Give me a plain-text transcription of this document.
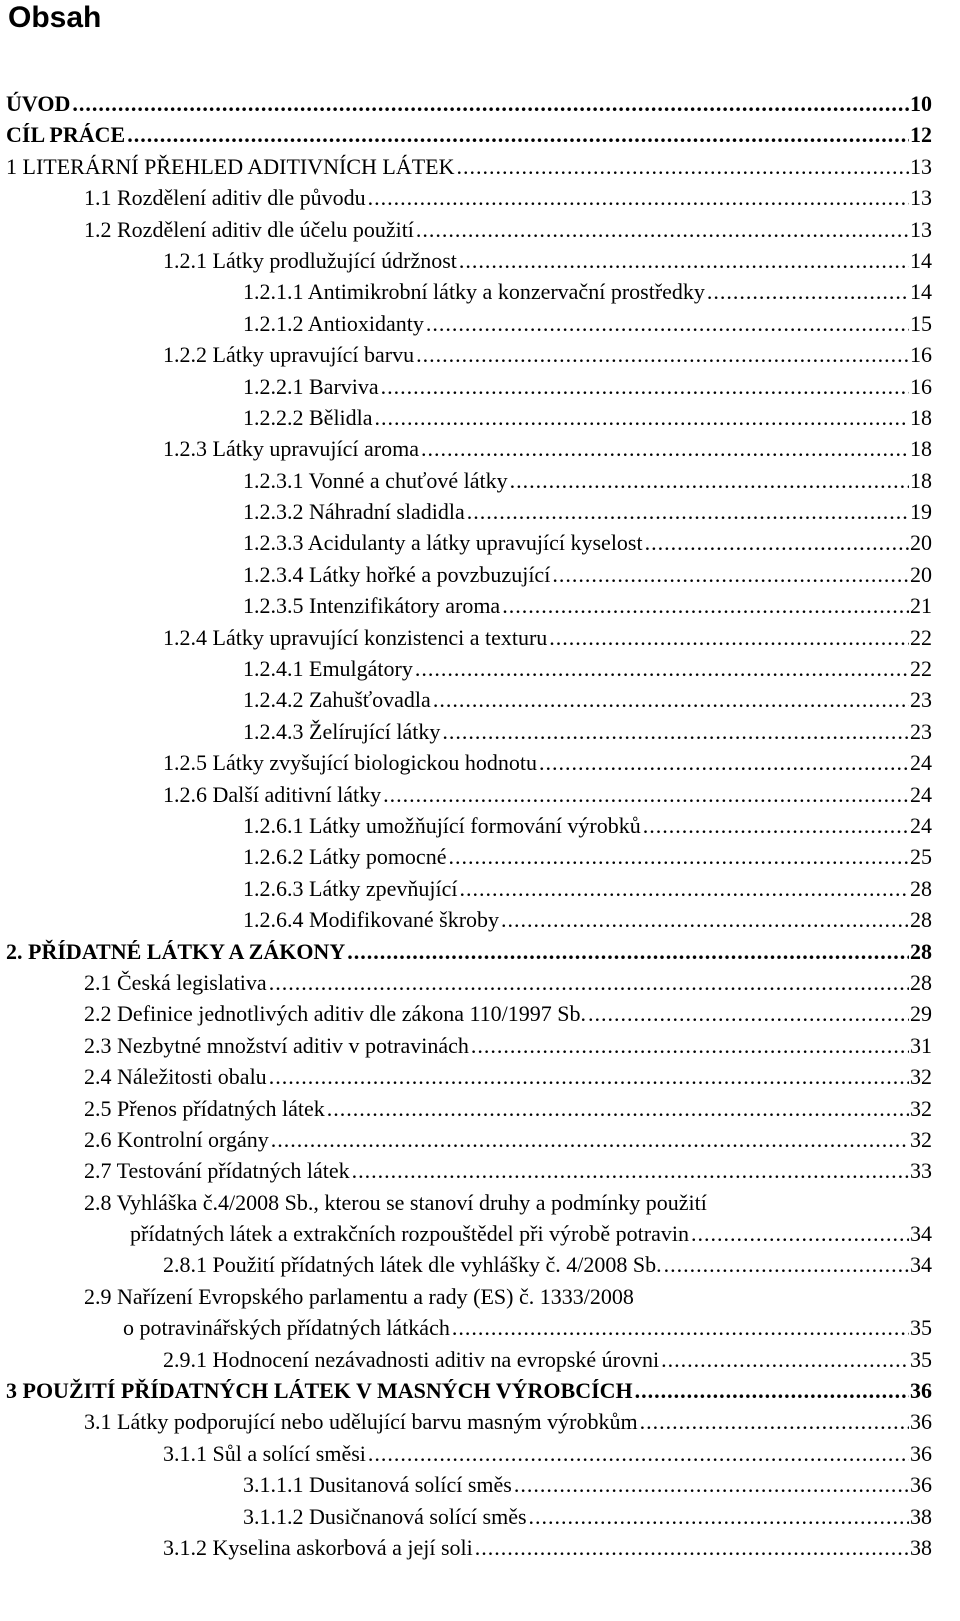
Obsah
ÚVOD .....	10
CÍL PRÁCE .....	12
1 LITERÁRNÍ PŘEHLED ADITIVNÍCH LÁTEK .....	13
1.1 Rozdělení aditiv dle původu .....	13
1.2 Rozdělení aditiv dle účelu použití .....	13
1.2.1 Látky prodlužující údržnost .....	14
1.2.1.1 Antimikrobní látky a konzervační prostředky .....	14
1.2.1.2 Antioxidanty .....	15
1.2.2 Látky upravující barvu .....	16
1.2.2.1 Barviva .....	16
1.2.2.2 Bělidla .....	18
1.2.3 Látky upravující aroma .....	18
1.2.3.1 Vonné a chuťové látky .....	18
1.2.3.2 Náhradní sladidla .....	19
1.2.3.3 Acidulanty a látky upravující kyselost .....	20
1.2.3.4 Látky hořké a povzbuzující .....	20
1.2.3.5 Intenzifikátory aroma .....	21
1.2.4 Látky upravující konzistenci a texturu .....	22
1.2.4.1 Emulgátory .....	22
1.2.4.2 Zahušťovadla .....	23
1.2.4.3 Želírující látky .....	23
1.2.5 Látky zvyšující biologickou hodnotu .....	24
1.2.6 Další aditivní látky .....	24
1.2.6.1 Látky umožňující formování výrobků .....	24
1.2.6.2 Látky pomocné .....	25
1.2.6.3 Látky zpevňující .....	28
1.2.6.4 Modifikované škroby .....	28
2. PŘÍDATNÉ LÁTKY A ZÁKONY .....	28
2.1 Česká legislativa .....	28
2.2 Definice jednotlivých aditiv dle zákona 110/1997 Sb. .....	29
2.3 Nezbytné množství aditiv v potravinách .....	31
2.4 Náležitosti obalu .....	32
2.5 Přenos přídatných látek .....	32
2.6 Kontrolní orgány .....	32
2.7 Testování přídatných látek .....	33
2.8 Vyhláška č.4/2008 Sb., kterou se stanoví druhy a podmínky použití
přídatných látek a extrakčních rozpouštědel při výrobě potravin .....	34
2.8.1 Použití přídatných látek dle vyhlášky č. 4/2008 Sb. .....	34
2.9 Nařízení Evropského parlamentu a rady (ES) č. 1333/2008
o potravinářských přídatných látkách .....	35
2.9.1 Hodnocení nezávadnosti aditiv na evropské úrovni .....	35
3 POUŽITÍ PŘÍDATNÝCH LÁTEK V MASNÝCH VÝROBCÍCH .....	36
3.1 Látky podporující nebo udělující barvu masným výrobkům .....	36
3.1.1 Sůl a solící směsi .....	36
3.1.1.1 Dusitanová solící směs .....	36
3.1.1.2 Dusičnanová solící směs .....	38
3.1.2 Kyselina askorbová a její soli .....	38
